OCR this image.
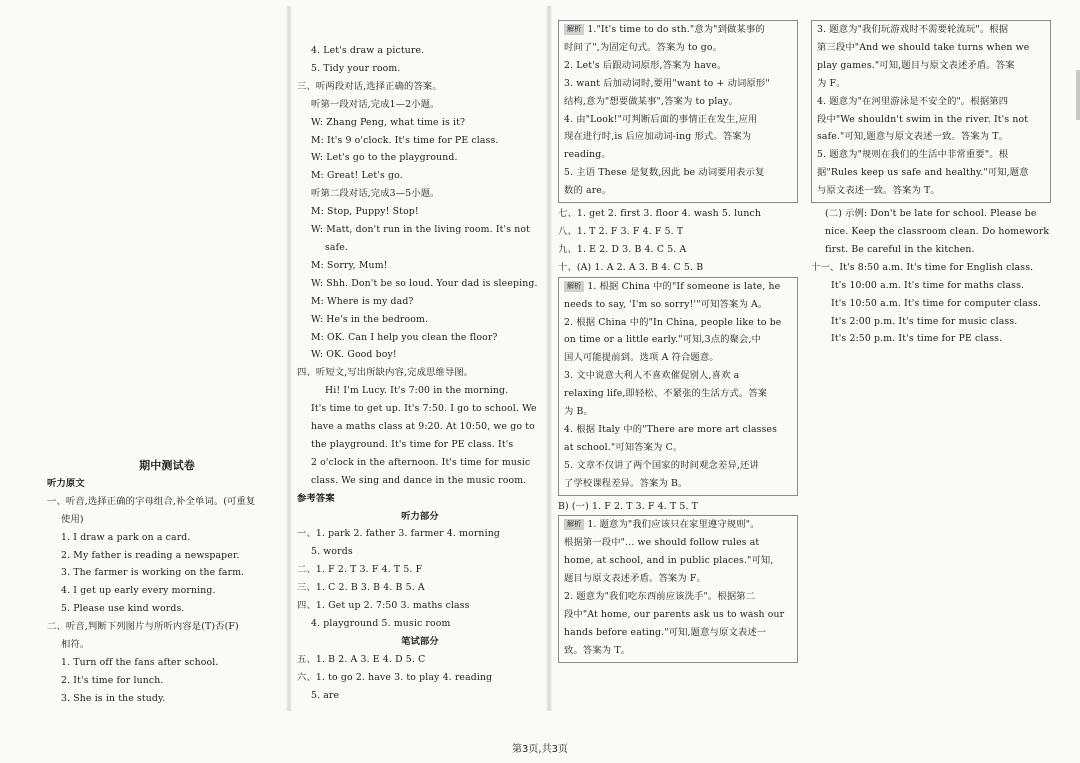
期中测试卷
听力原文
一、听音,选择正确的字母组合,补全单词。(可重复
使用)
1. I draw a park on a card.
2. My father is reading a newspaper.
3. The farmer is working on the farm.
4. I get up early every morning.
5. Please use kind words.
二、听音,判断下列图片与所听内容是(T)否(F)
相符。
1. Turn off the fans after school.
2. It's time for lunch.
3. She is in the study.
4. Let's draw a picture.
5. Tidy your room.
三、听两段对话,选择正确的答案。
听第一段对话,完成1—2小题。
W: Zhang Peng, what time is it?
M: It's 9 o'clock. It's time for PE class.
W: Let's go to the playground.
M: Great! Let's go.
听第二段对话,完成3—5小题。
M: Stop, Puppy! Stop!
W: Matt, don't run in the living room. It's not
safe.
M: Sorry, Mum!
W: Shh. Don't be so loud. Your dad is sleeping.
M: Where is my dad?
W: He's in the bedroom.
M: OK. Can I help you clean the floor?
W: OK. Good boy!
四、听短文,写出所缺内容,完成思维导图。
Hi! I'm Lucy. It's 7:00 in the morning.
It's time to get up. It's 7:50. I go to school. We
have a maths class at 9:20. At 10:50, we go to
the playground. It's time for PE class. It's
2 o'clock in the afternoon. It's time for music
class. We sing and dance in the music room.
参考答案
听力部分
一、1. park 2. father 3. farmer 4. morning
5. words
二、1. F 2. T 3. F 4. T 5. F
三、1. C 2. B 3. B 4. B 5. A
四、1. Get up 2. 7:50 3. maths class
4. playground 5. music room
笔试部分
五、1. B 2. A 3. E 4. D 5. C
六、1. to go 2. have 3. to play 4. reading
5. are
解析 1."It's time to do sth."意为"到做某事的
时间了",为固定句式。答案为 to go。
2. Let's 后跟动词原形,答案为 have。
3. want 后加动词时,要用"want to + 动词原形"
结构,意为"想要做某事",答案为 to play。
4. 由"Look!"可判断后面的事情正在发生,应用
现在进行时,is 后应加动词-ing 形式。答案为
reading。
5. 主语 These 是复数,因此 be 动词要用表示复
数的 are。
七、1. get 2. first 3. floor 4. wash 5. lunch
八、1. T 2. F 3. F 4. F 5. T
九、1. E 2. D 3. B 4. C 5. A
十、(A) 1. A 2. A 3. B 4. C 5. B
解析 1. 根据 China 中的"If someone is late, he
needs to say, 'I'm so sorry!'"可知答案为 A。
2. 根据 China 中的"In China, people like to be
on time or a little early."可知,3点的聚会,中
国人可能提前到。选项 A 符合题意。
3. 文中说意大利人不喜欢催促别人,喜欢 a
relaxing life,即轻松、不紧张的生活方式。答案
为 B。
4. 根据 Italy 中的"There are more art classes
at school."可知答案为 C。
5. 文章不仅讲了两个国家的时间观念差异,还讲
了学校课程差异。答案为 B。
B) (一) 1. F 2. T 3. F 4. T 5. T
解析 1. 题意为"我们应该只在家里遵守规则"。
根据第一段中"... we should follow rules at
home, at school, and in public places."可知,
题目与原文表述矛盾。答案为 F。
2. 题意为"我们吃东西前应该洗手"。根据第二
段中"At home, our parents ask us to wash our
hands before eating."可知,题意与原文表述一
致。答案为 T。
3. 题意为"我们玩游戏时不需要轮流玩"。根据
第三段中"And we should take turns when we
play games."可知,题目与原文表述矛盾。答案
为 F。
4. 题意为"在河里游泳是不安全的"。根据第四
段中"We shouldn't swim in the river. It's not
safe."可知,题意与原文表述一致。答案为 T。
5. 题意为"规则在我们的生活中非常重要"。根
据"Rules keep us safe and healthy."可知,题意
与原文表述一致。答案为 T。
(二) 示例: Don't be late for school. Please be
nice. Keep the classroom clean. Do homework
first. Be careful in the kitchen.
十一、It's 8:50 a.m. It's time for English class.
It's 10:00 a.m. It's time for maths class.
It's 10:50 a.m. It's time for computer class.
It's 2:00 p.m. It's time for music class.
It's 2:50 p.m. It's time for PE class.
第3页,共3页
